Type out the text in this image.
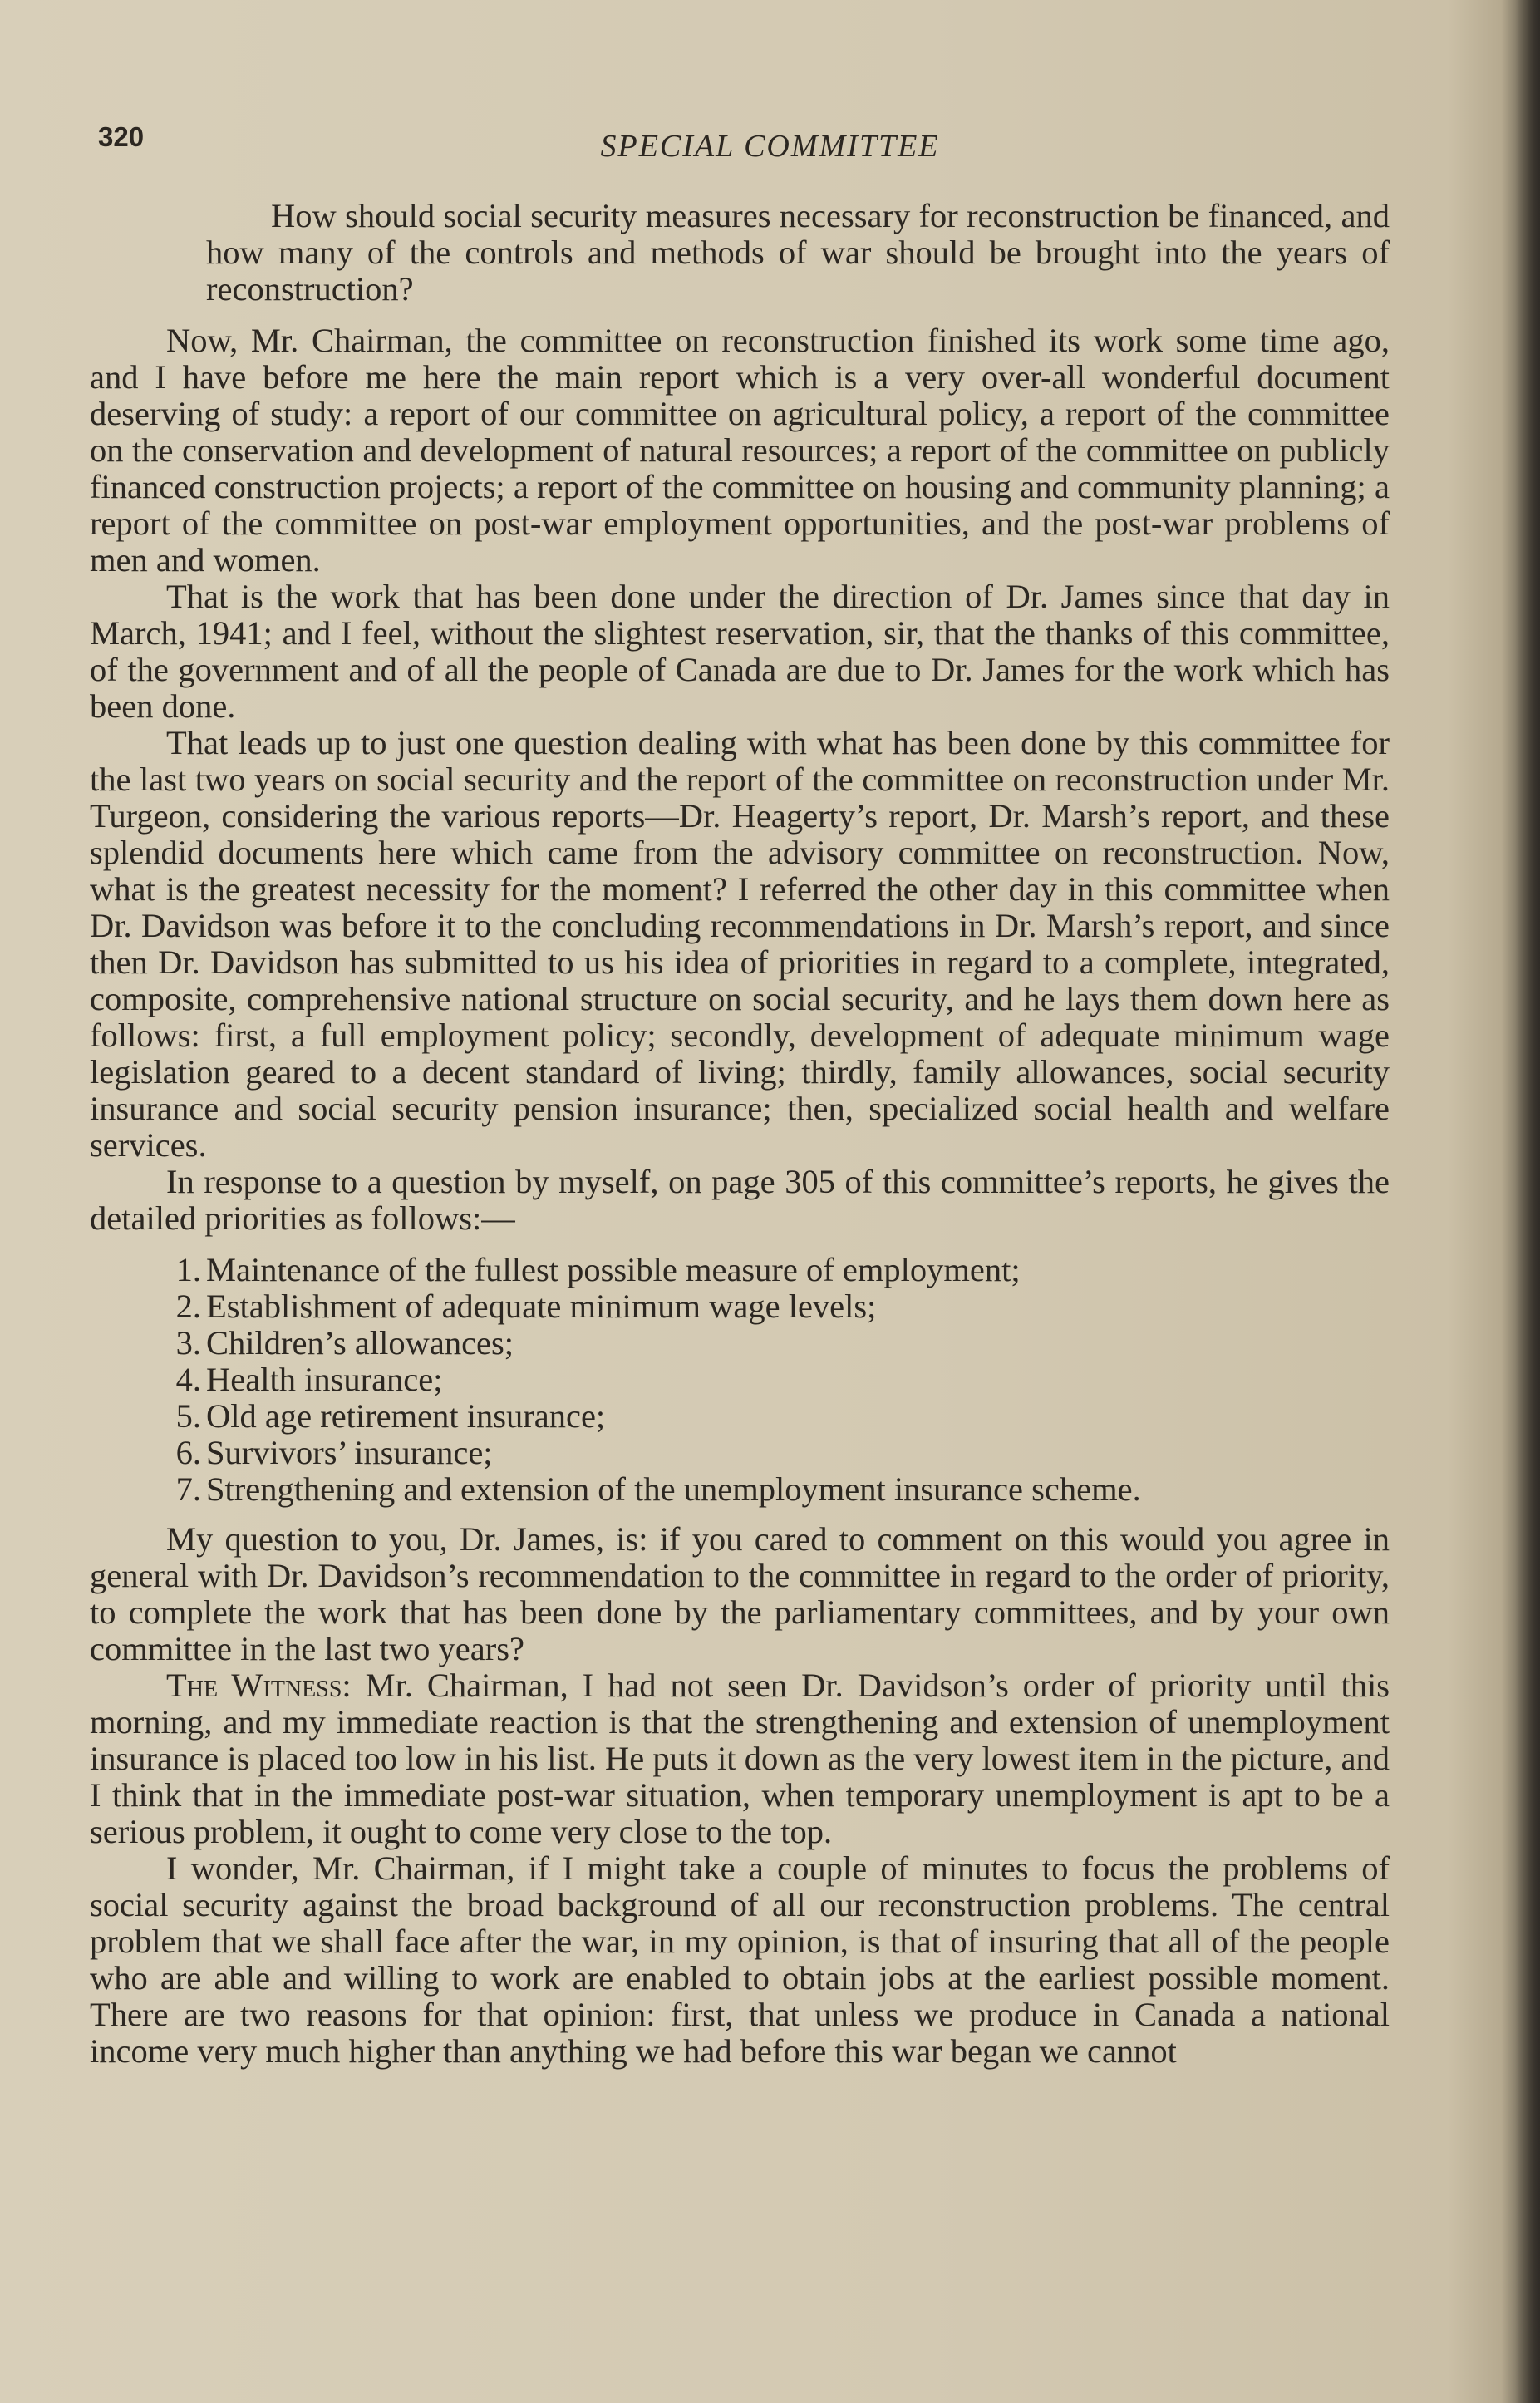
320	SPECIAL COMMITTEE

How should social security measures necessary for reconstruction be financed, and how many of the controls and methods of war should be brought into the years of reconstruction?

Now, Mr. Chairman, the committee on reconstruction finished its work some time ago, and I have before me here the main report which is a very over-all wonderful document deserving of study: a report of our committee on agricultural policy, a report of the committee on the conservation and development of natural resources; a report of the committee on publicly financed construction projects; a report of the committee on housing and community planning; a report of the committee on post-war employment opportunities, and the post-war problems of men and women.

That is the work that has been done under the direction of Dr. James since that day in March, 1941; and I feel, without the slightest reservation, sir, that the thanks of this committee, of the government and of all the people of Canada are due to Dr. James for the work which has been done.

That leads up to just one question dealing with what has been done by this committee for the last two years on social security and the report of the committee on reconstruction under Mr. Turgeon, considering the various reports—Dr. Heagerty’s report, Dr. Marsh’s report, and these splendid documents here which came from the advisory committee on reconstruction. Now, what is the greatest necessity for the moment? I referred the other day in this committee when Dr. Davidson was before it to the concluding recommendations in Dr. Marsh’s report, and since then Dr. Davidson has submitted to us his idea of priorities in regard to a complete, integrated, composite, comprehensive national structure on social security, and he lays them down here as follows: first, a full employment policy; secondly, development of adequate minimum wage legislation geared to a decent standard of living; thirdly, family allowances, social security insurance and social security pension insurance; then, specialized social health and welfare services.

In response to a question by myself, on page 305 of this committee’s reports, he gives the detailed priorities as follows:—

1. Maintenance of the fullest possible measure of employment;
2. Establishment of adequate minimum wage levels;
3. Children’s allowances;
4. Health insurance;
5. Old age retirement insurance;
6. Survivors’ insurance;
7. Strengthening and extension of the unemployment insurance scheme.

My question to you, Dr. James, is: if you cared to comment on this would you agree in general with Dr. Davidson’s recommendation to the committee in regard to the order of priority, to complete the work that has been done by the parliamentary committees, and by your own committee in the last two years?

The Witness: Mr. Chairman, I had not seen Dr. Davidson’s order of priority until this morning, and my immediate reaction is that the strengthening and extension of unemployment insurance is placed too low in his list. He puts it down as the very lowest item in the picture, and I think that in the immediate post-war situation, when temporary unemployment is apt to be a serious problem, it ought to come very close to the top.

I wonder, Mr. Chairman, if I might take a couple of minutes to focus the problems of social security against the broad background of all our reconstruction problems. The central problem that we shall face after the war, in my opinion, is that of insuring that all of the people who are able and willing to work are enabled to obtain jobs at the earliest possible moment. There are two reasons for that opinion: first, that unless we produce in Canada a national income very much higher than anything we had before this war began we cannot
